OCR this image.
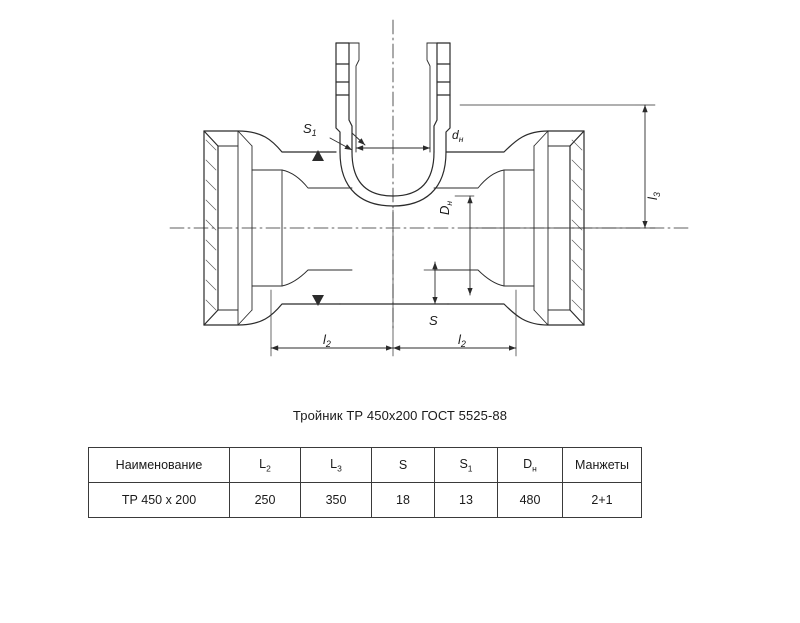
$S_1$	$d_н$
$D_н$
$l_3$
$l_2$	$l_2$
S
Тройник ТР 450х200 ГОСТ 5525-88
Наименование	$L_2$	$L_3$	S	$S_1$	$D_н$	Манжеты
ТР 450 х 200	250	350	18	13	480	2+1
